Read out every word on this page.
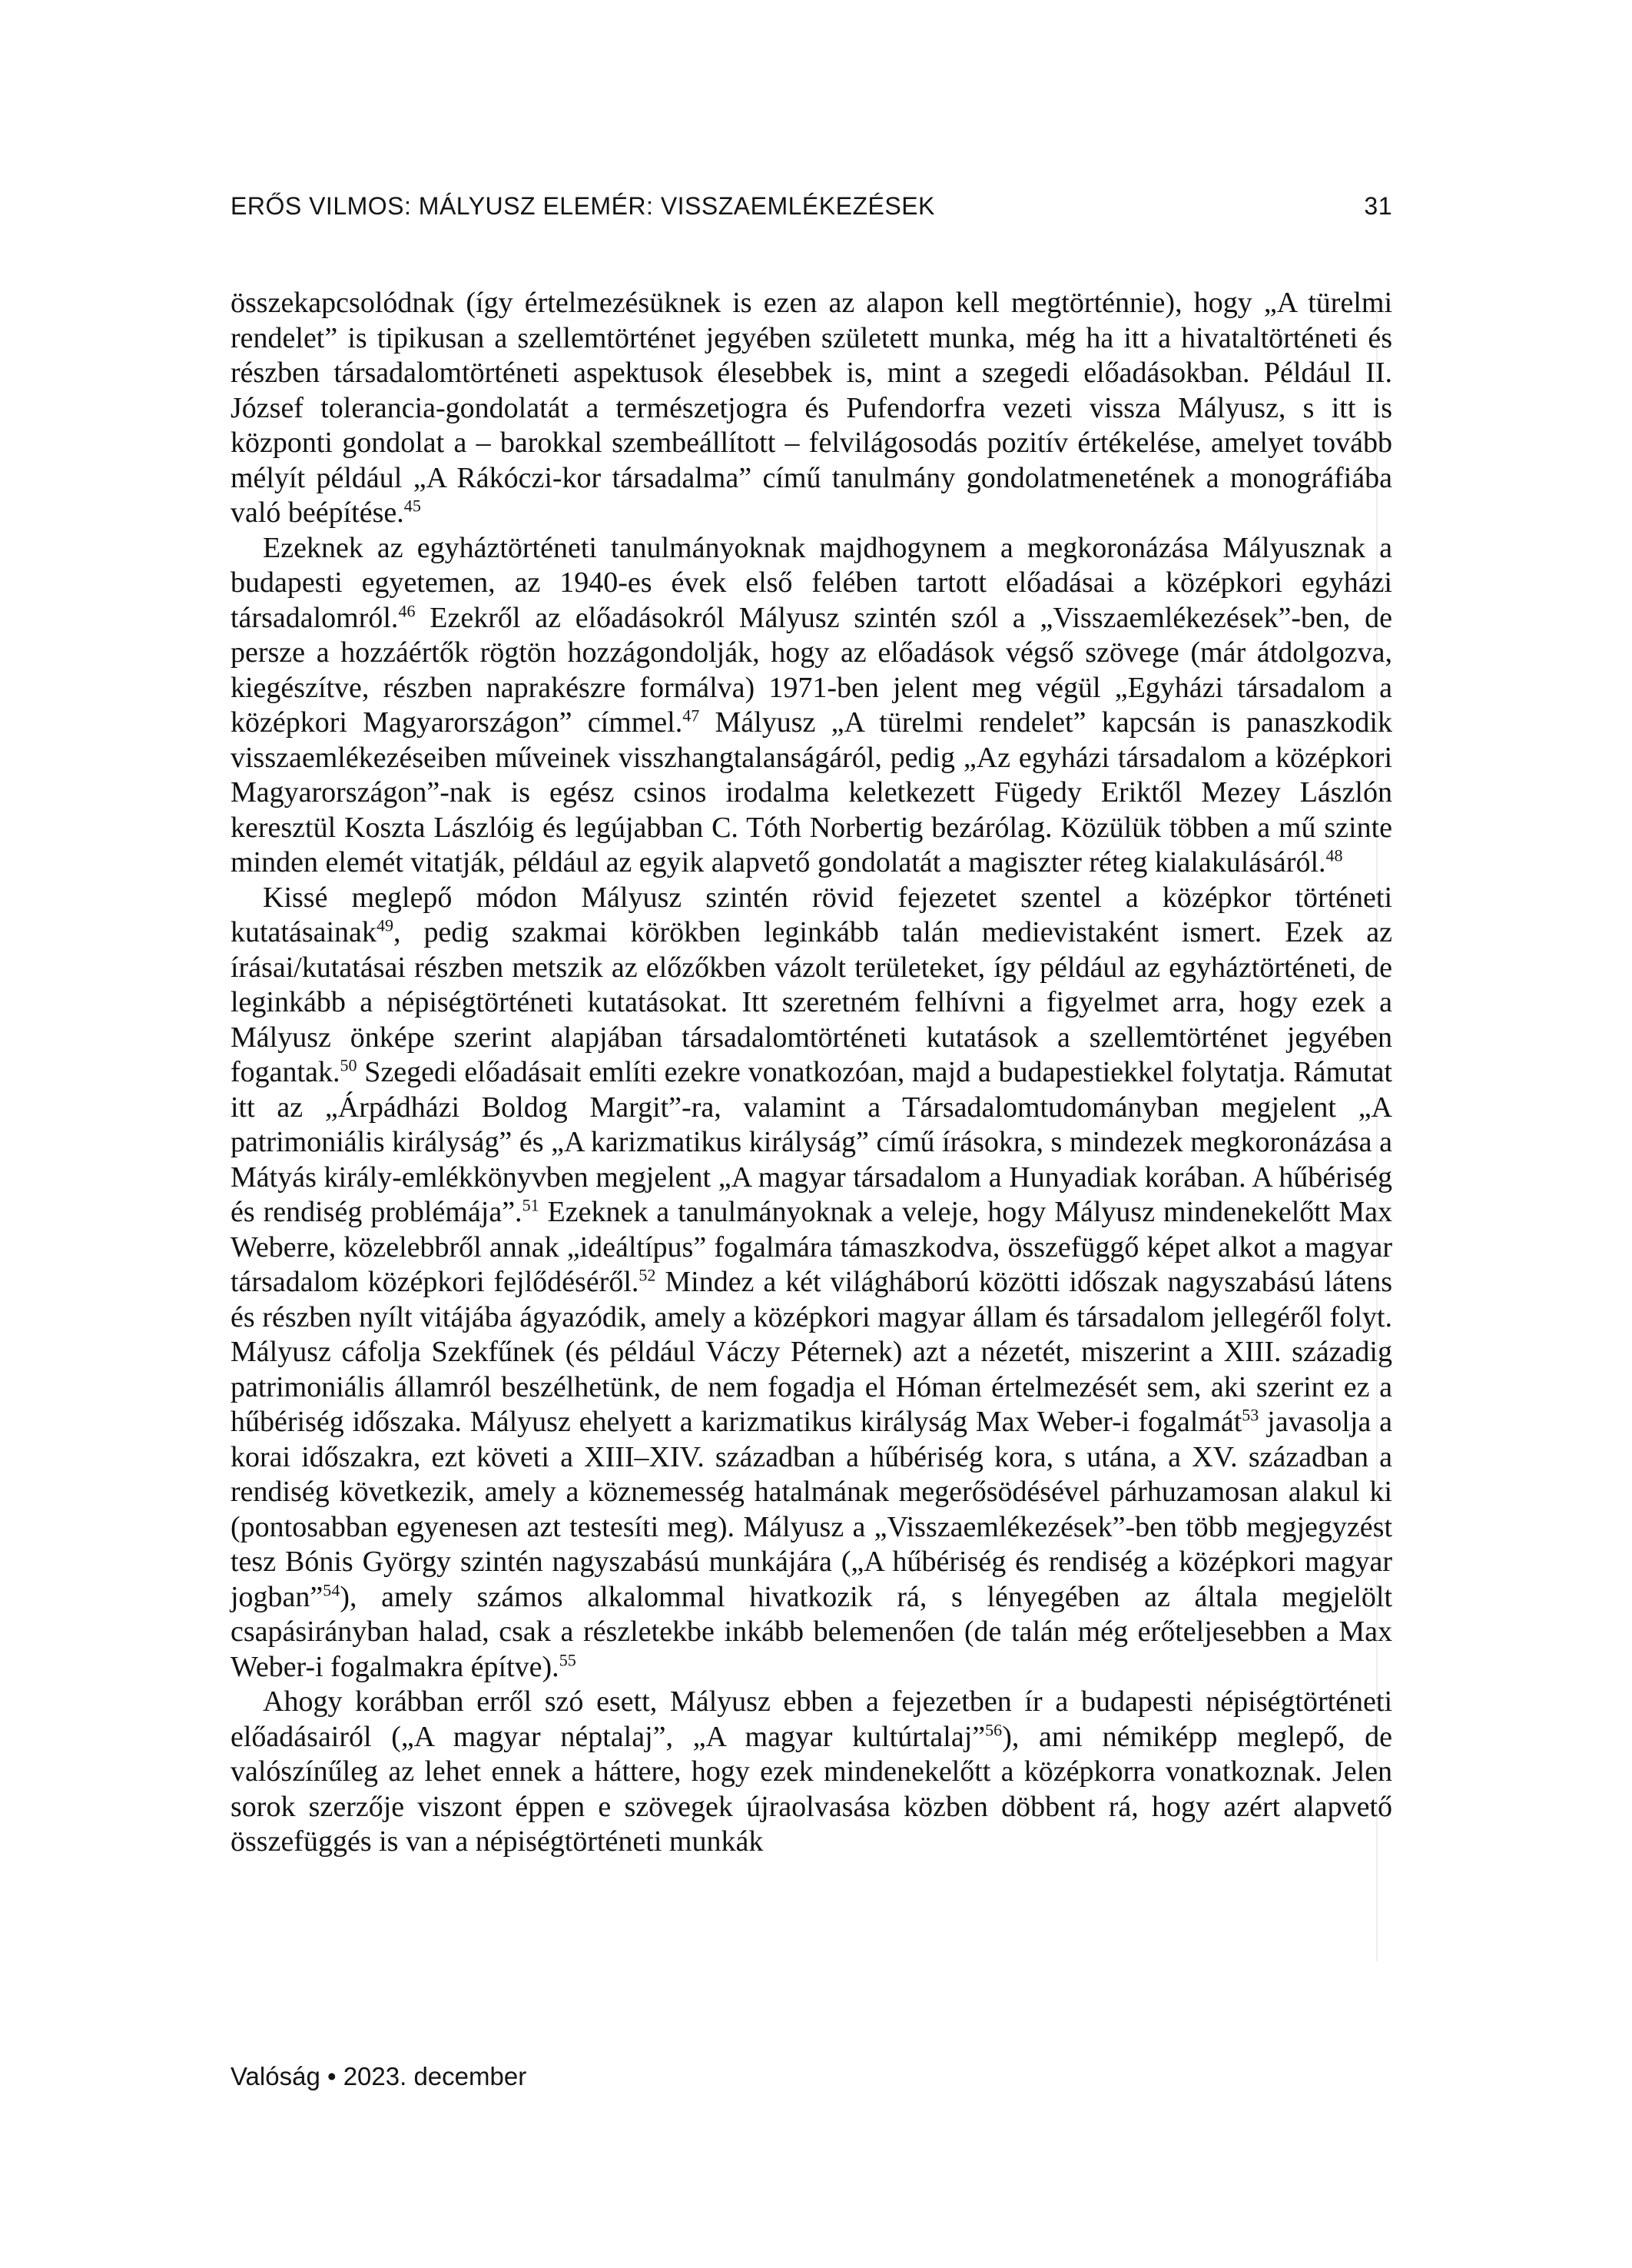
ERŐS VILMOS: MÁLYUSZ ELEMÉR: VISSZAEMLÉKEZÉSEK	31

összekapcsolódnak (így értelmezésüknek is ezen az alapon kell megtörténnie), hogy „A türelmi rendelet” is tipikusan a szellemtörténet jegyében született munka, még ha itt a hivataltörténeti és részben társadalomtörténeti aspektusok élesebbek is, mint a szegedi előadásokban. Például II. József tolerancia-gondolatát a természetjogra és Pufendorfra vezeti vissza Mályusz, s itt is központi gondolat a – barokkal szembeállított – felvilágosodás pozitív értékelése, amelyet tovább mélyít például „A Rákóczi-kor társadalma” című tanulmány gondolatmenetének a monográfiába való beépítése.$^{45}$

Ezeknek az egyháztörténeti tanulmányoknak majdhogynem a megkoronázása Mályusznak a budapesti egyetemen, az 1940-es évek első felében tartott előadásai a középkori egyházi társadalomról.$^{46}$ Ezekről az előadásokról Mályusz szintén szól a „Visszaemlékezések”-ben, de persze a hozzáértők rögtön hozzágondolják, hogy az előadások végső szövege (már átdolgozva, kiegészítve, részben naprakészre formálva) 1971-ben jelent meg végül „Egyházi társadalom a középkori Magyarországon” címmel.$^{47}$ Mályusz „A türelmi rendelet” kapcsán is panaszkodik visszaemlékezéseiben műveinek visszhangtalanságáról, pedig „Az egyházi társadalom a középkori Magyarországon”-nak is egész csinos irodalma keletkezett Fügedy Eriktől Mezey Lászlón keresztül Koszta Lászlóig és legújabban C. Tóth Norbertig bezárólag. Közülük többen a mű szinte minden elemét vitatják, például az egyik alapvető gondolatát a magiszter réteg kialakulásáról.$^{48}$

Kissé meglepő módon Mályusz szintén rövid fejezetet szentel a középkor történeti kutatásainak$^{49}$, pedig szakmai körökben leginkább talán medievistaként ismert. Ezek az írásai/kutatásai részben metszik az előzőkben vázolt területeket, így például az egyháztörténeti, de leginkább a népiségtörténeti kutatásokat. Itt szeretném felhívni a figyelmet arra, hogy ezek a Mályusz önképe szerint alapjában társadalomtörténeti kutatások a szellemtörténet jegyében fogantak.$^{50}$ Szegedi előadásait említi ezekre vonatkozóan, majd a budapestiekkel folytatja. Rámutat itt az „Árpádházi Boldog Margit”-ra, valamint a Társadalomtudományban megjelent „A patrimoniális királyság” és „A karizmatikus királyság” című írásokra, s mindezek megkoronázása a Mátyás király-emlékkönyvben megjelent „A magyar társadalom a Hunyadiak korában. A hűbériség és rendiség problémája”.$^{51}$ Ezeknek a tanulmányoknak a veleje, hogy Mályusz mindenekelőtt Max Weberre, közelebbről annak „ideáltípus” fogalmára támaszkodva, összefüggő képet alkot a magyar társadalom középkori fejlődéséről.$^{52}$ Mindez a két világháború közötti időszak nagyszabású látens és részben nyílt vitájába ágyazódik, amely a középkori magyar állam és társadalom jellegéről folyt. Mályusz cáfolja Szekfűnek (és például Váczy Péternek) azt a nézetét, miszerint a XIII. századig patrimoniális államról beszélhetünk, de nem fogadja el Hóman értelmezését sem, aki szerint ez a hűbériség időszaka. Mályusz ehelyett a karizmatikus királyság Max Weber-i fogalmát$^{53}$ javasolja a korai időszakra, ezt követi a XIII–XIV. században a hűbériség kora, s utána, a XV. században a rendiség következik, amely a köznemesség hatalmának megerősödésével párhuzamosan alakul ki (pontosabban egyenesen azt testesíti meg). Mályusz a „Visszaemlékezések”-ben több megjegyzést tesz Bónis György szintén nagyszabású munkájára („A hűbériség és rendiség a középkori magyar jogban”$^{54}$), amely számos alkalommal hivatkozik rá, s lényegében az általa megjelölt csapásirányban halad, csak a részletekbe inkább belemenően (de talán még erőteljesebben a Max Weber-i fogalmakra építve).$^{55}$

Ahogy korábban erről szó esett, Mályusz ebben a fejezetben ír a budapesti népiségtörténeti előadásairól („A magyar néptalaj”, „A magyar kultúrtalaj”$^{56}$), ami némiképp meglepő, de valószínűleg az lehet ennek a háttere, hogy ezek mindenekelőtt a középkorra vonatkoznak. Jelen sorok szerzője viszont éppen e szövegek újraolvasása közben döbbent rá, hogy azért alapvető összefüggés is van a népiségtörténeti munkák

Valóság • 2023. december
